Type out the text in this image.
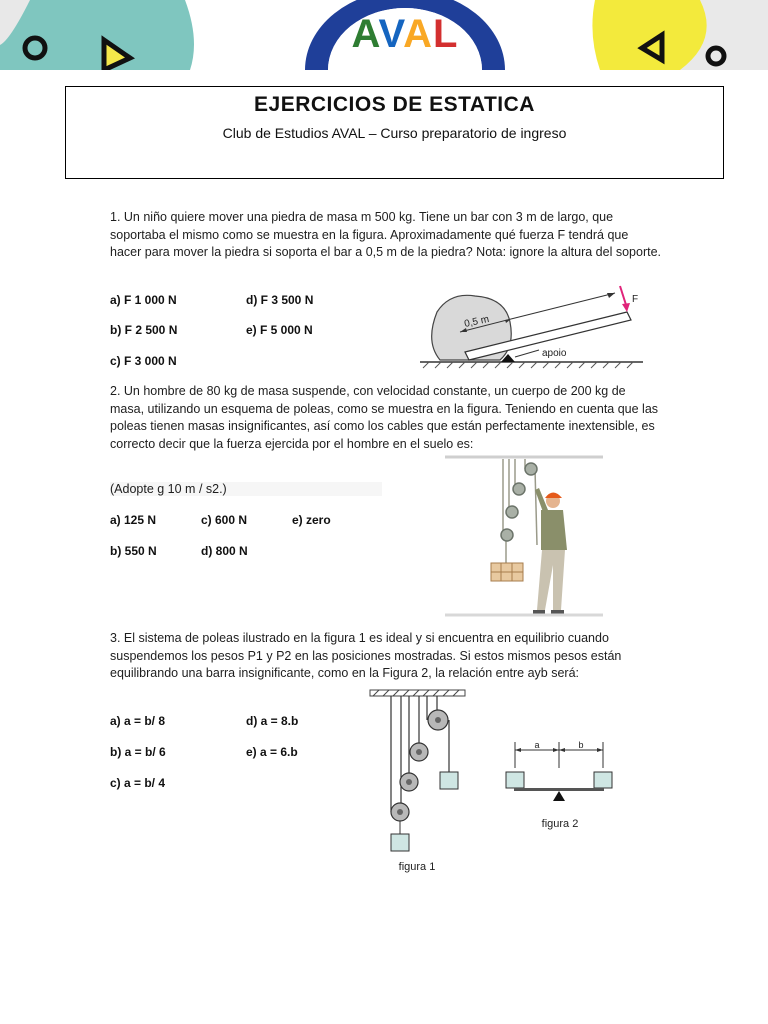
AVAL
EJERCICIOS DE ESTATICA
Club de Estudios AVAL – Curso preparatorio de ingreso
1. Un niño quiere mover una piedra de masa m 500 kg. Tiene un bar con 3 m de largo, que soportaba el mismo como se muestra en la figura. Aproximadamente qué fuerza F tendrá que hacer para mover la piedra si soporta el bar a 0,5 m de la piedra? Nota: ignore la altura del soporte.
a) F 1 000 N	d) F 3 500 N
b) F 2 500 N	e) F 5 000 N
c) F 3 000 N
0,5 m
apoio
F
2. Un hombre de 80 kg de masa suspende, con velocidad constante, un cuerpo de 200 kg de masa, utilizando un esquema de poleas, como se muestra en la figura. Teniendo en cuenta que las poleas tienen masas insignificantes, así como los cables que están perfectamente inextensible, es correcto decir que la fuerza ejercida por el hombre en el suelo es:
(Adopte g 10 m / s2.)
a) 125 N	c) 600 N	e) zero
b) 550 N	d) 800 N
3. El sistema de poleas ilustrado en la figura 1 es ideal y si encuentra en equilibrio cuando suspendemos los pesos P1 y P2 en las posiciones mostradas. Si estos mismos pesos están equilibrando una barra insignificante, como en la Figura 2, la relación entre ayb será:
a) a = b/ 8	d) a = 8.b
b) a = b/ 6	e) a = 6.b
c) a = b/ 4
figura 1
a	b
figura 2
